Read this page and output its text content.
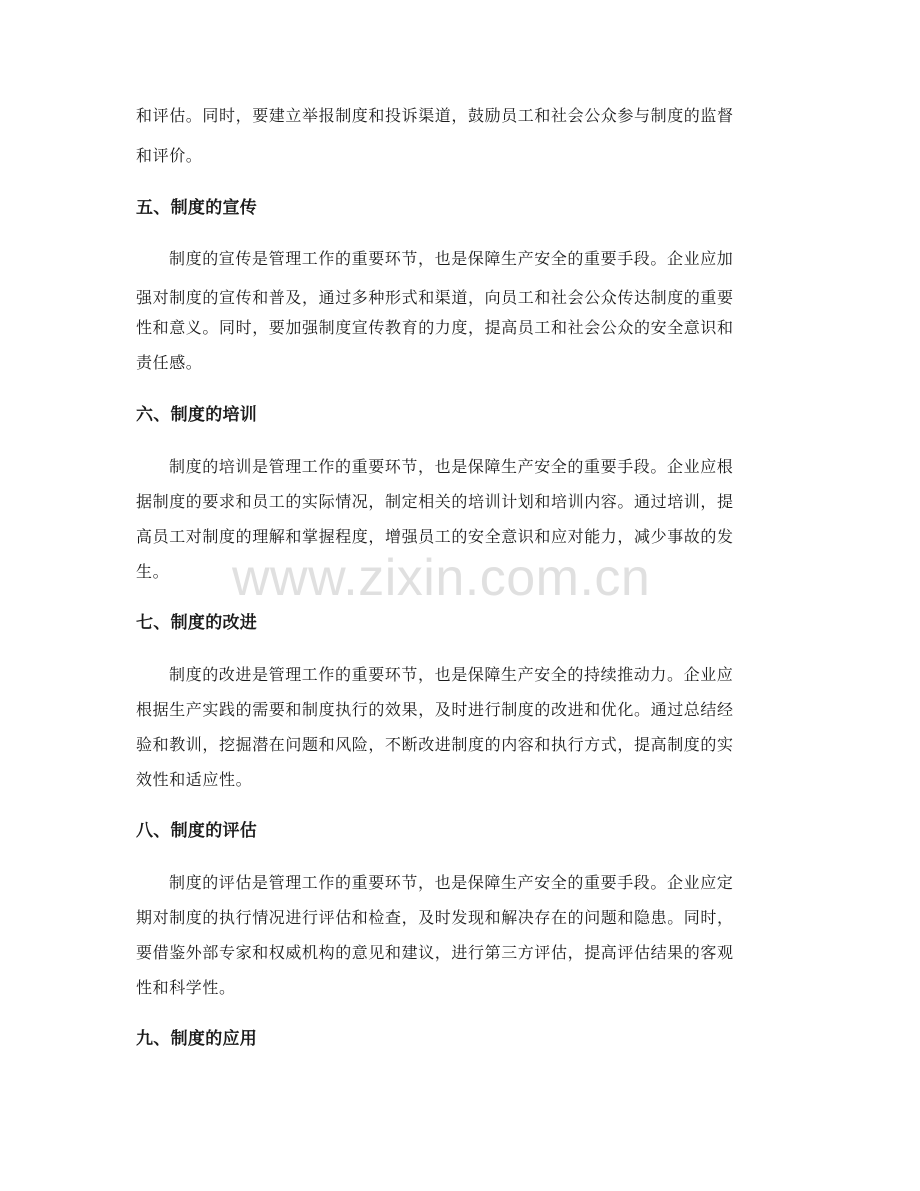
和评估。同时，要建立举报制度和投诉渠道，鼓励员工和社会公众参与制度的监督
和评价。
五、制度的宣传
制度的宣传是管理工作的重要环节，也是保障生产安全的重要手段。企业应加
强对制度的宣传和普及，通过多种形式和渠道，向员工和社会公众传达制度的重要
性和意义。同时，要加强制度宣传教育的力度，提高员工和社会公众的安全意识和
责任感。
六、制度的培训
制度的培训是管理工作的重要环节，也是保障生产安全的重要手段。企业应根
据制度的要求和员工的实际情况，制定相关的培训计划和培训内容。通过培训，提
高员工对制度的理解和掌握程度，增强员工的安全意识和应对能力，减少事故的发
生。
七、制度的改进
制度的改进是管理工作的重要环节，也是保障生产安全的持续推动力。企业应
根据生产实践的需要和制度执行的效果，及时进行制度的改进和优化。通过总结经
验和教训，挖掘潜在问题和风险，不断改进制度的内容和执行方式，提高制度的实
效性和适应性。
八、制度的评估
制度的评估是管理工作的重要环节，也是保障生产安全的重要手段。企业应定
期对制度的执行情况进行评估和检查，及时发现和解决存在的问题和隐患。同时，
要借鉴外部专家和权威机构的意见和建议，进行第三方评估，提高评估结果的客观
性和科学性。
九、制度的应用
www.zixin.com.cn
